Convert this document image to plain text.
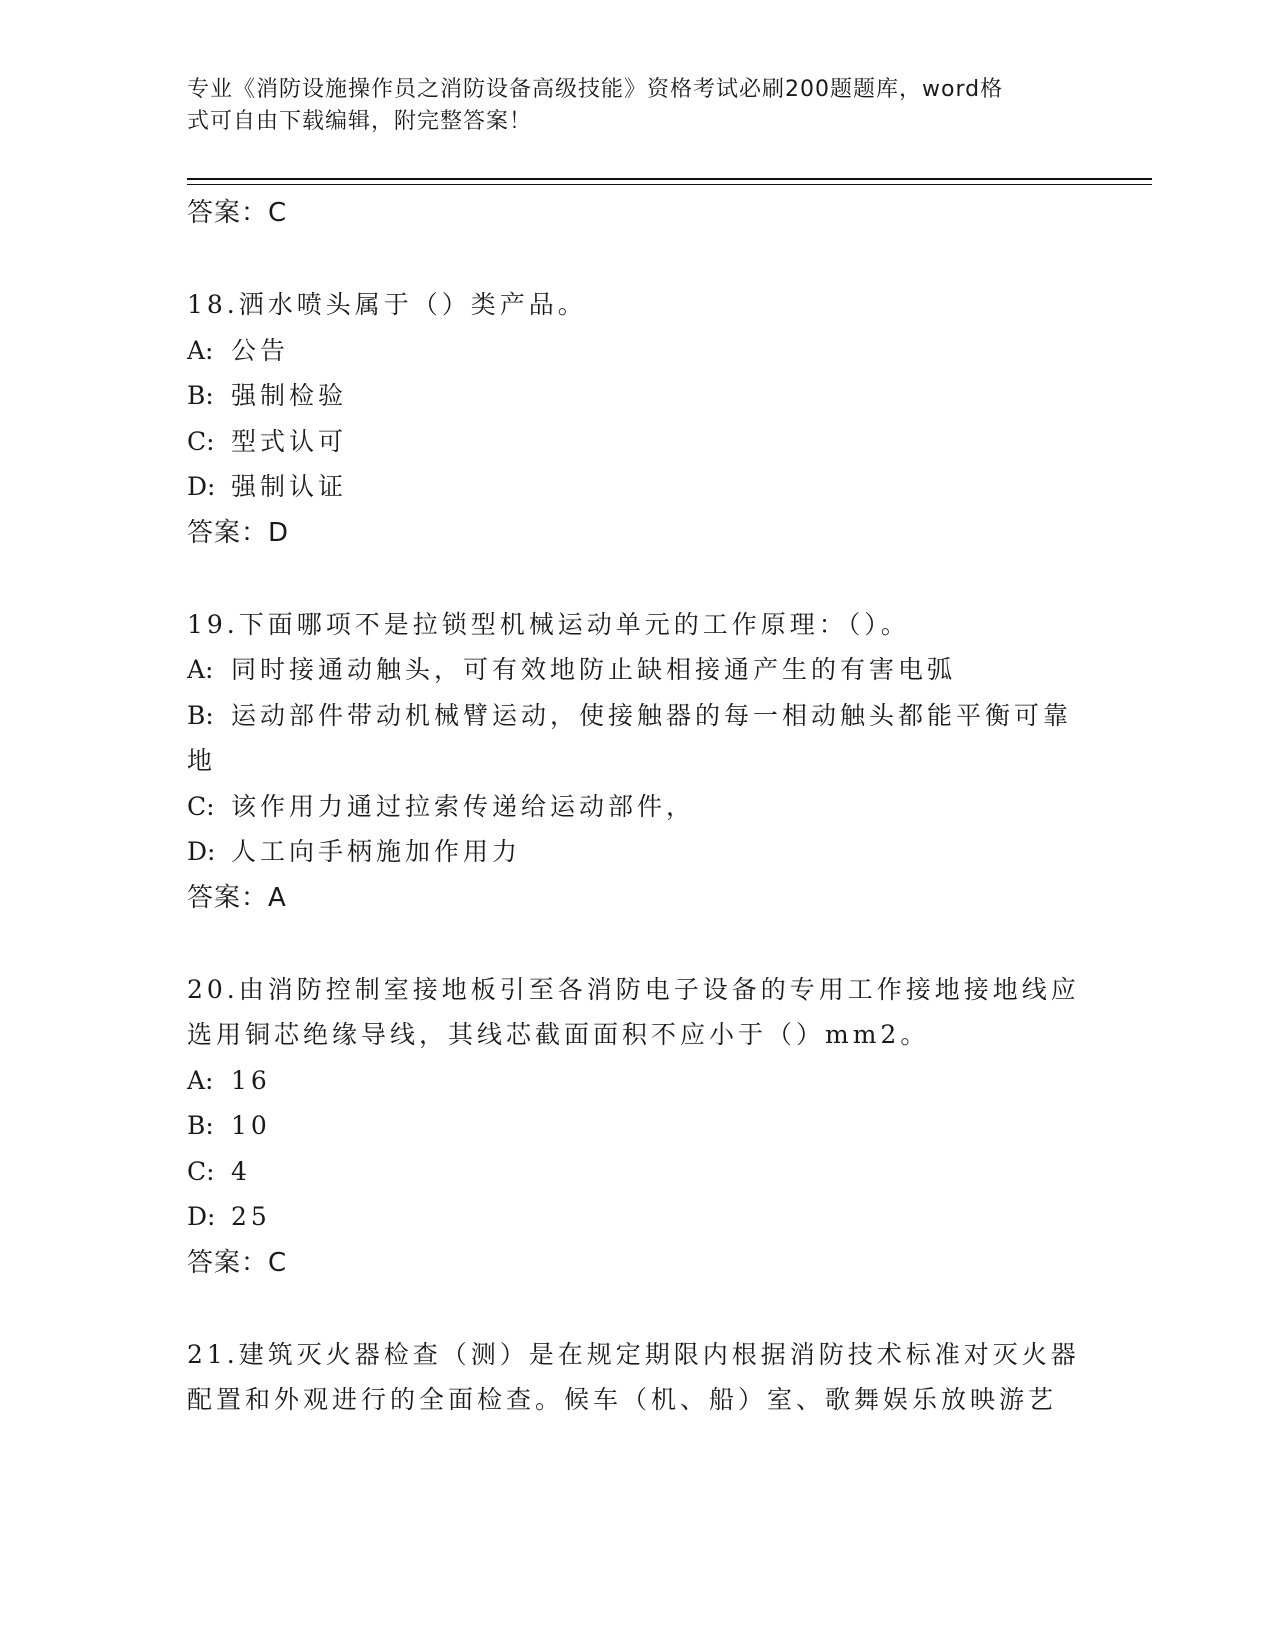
专业《消防设施操作员之消防设备高级技能》资格考试必刷200题题库，word格
式可自由下载编辑，附完整答案！
答案：C
18.洒水喷头属于（）类产品。
A: 公告
B: 强制检验
C: 型式认可
D: 强制认证
答案：D
19.下面哪项不是拉锁型机械运动单元的工作原理：（）。
A: 同时接通动触头，可有效地防止缺相接通产生的有害电弧
B: 运动部件带动机械臂运动，使接触器的每一相动触头都能平衡可靠地
C: 该作用力通过拉索传递给运动部件，
D: 人工向手柄施加作用力
答案：A
20.由消防控制室接地板引至各消防电子设备的专用工作接地接地线应
选用铜芯绝缘导线，其线芯截面面积不应小于（）mm2。
A: 16
B: 10
C: 4
D: 25
答案：C
21.建筑灭火器检查（测）是在规定期限内根据消防技术标准对灭火器
配置和外观进行的全面检查。候车（机、船）室、歌舞娱乐放映游艺
